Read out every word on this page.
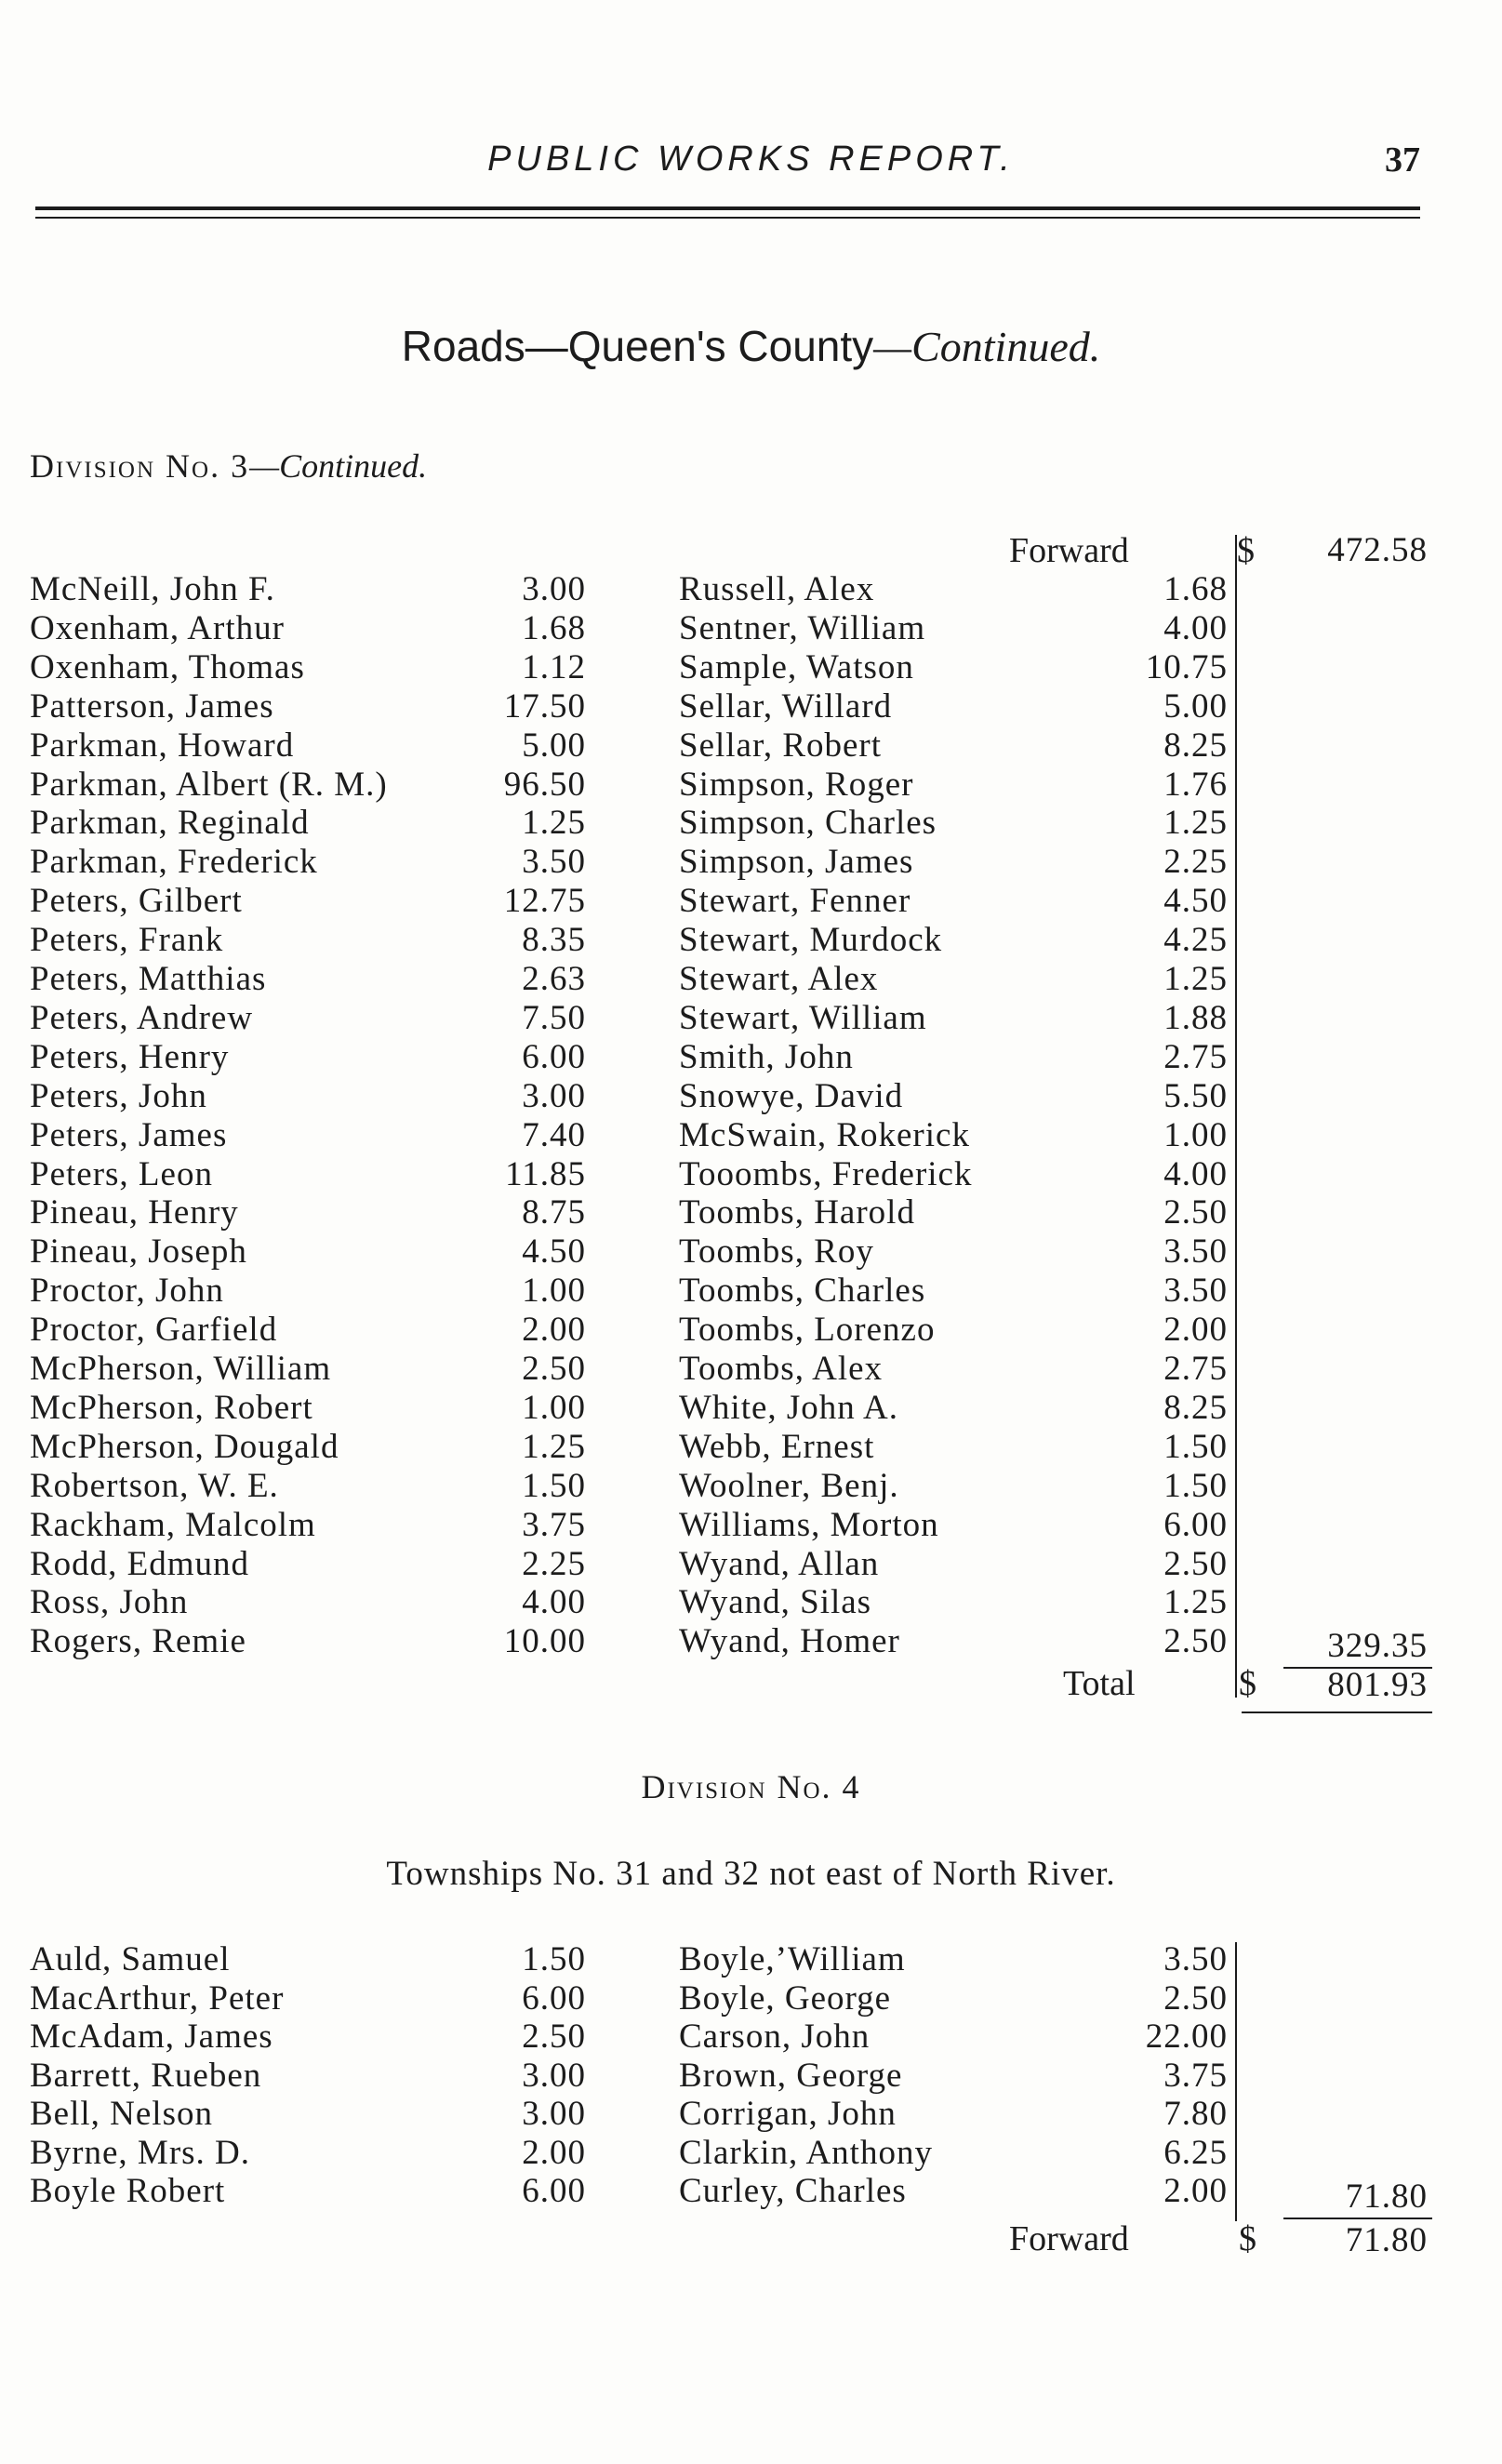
PUBLIC WORKS REPORT.	37
Roads—Queen's County—Continued.
Division No. 3—Continued.
Forward	$	472.58
McNeill, John F.	3.00	Russell, Alex	1.68
Oxenham, Arthur	1.68	Sentner, William	4.00
Oxenham, Thomas	1.12	Sample, Watson	10.75
Patterson, James	17.50	Sellar, Willard	5.00
Parkman, Howard	5.00	Sellar, Robert	8.25
Parkman, Albert (R. M.)	96.50	Simpson, Roger	1.76
Parkman, Reginald	1.25	Simpson, Charles	1.25
Parkman, Frederick	3.50	Simpson, James	2.25
Peters, Gilbert	12.75	Stewart, Fenner	4.50
Peters, Frank	8.35	Stewart, Murdock	4.25
Peters, Matthias	2.63	Stewart, Alex	1.25
Peters, Andrew	7.50	Stewart, William	1.88
Peters, Henry	6.00	Smith, John	2.75
Peters, John	3.00	Snowye, David	5.50
Peters, James	7.40	McSwain, Rokerick	1.00
Peters, Leon	11.85	Tooombs, Frederick	4.00
Pineau, Henry	8.75	Toombs, Harold	2.50
Pineau, Joseph	4.50	Toombs, Roy	3.50
Proctor, John	1.00	Toombs, Charles	3.50
Proctor, Garfield	2.00	Toombs, Lorenzo	2.00
McPherson, William	2.50	Toombs, Alex	2.75
McPherson, Robert	1.00	White, John A.	8.25
McPherson, Dougald	1.25	Webb, Ernest	1.50
Robertson, W. E.	1.50	Woolner, Benj.	1.50
Rackham, Malcolm	3.75	Williams, Morton	6.00
Rodd, Edmund	2.25	Wyand, Allan	2.50
Ross, John	4.00	Wyand, Silas	1.25
Rogers, Remie	10.00	Wyand, Homer	2.50	329.35
Total	$	801.93
Division No. 4
Townships No. 31 and 32 not east of North River.
Auld, Samuel	1.50	Boyle,’William	3.50
MacArthur, Peter	6.00	Boyle, George	2.50
McAdam, James	2.50	Carson, John	22.00
Barrett, Rueben	3.00	Brown, George	3.75
Bell, Nelson	3.00	Corrigan, John	7.80
Byrne, Mrs. D.	2.00	Clarkin, Anthony	6.25
Boyle Robert	6.00	Curley, Charles	2.00	71.80
Forward	$	71.80
